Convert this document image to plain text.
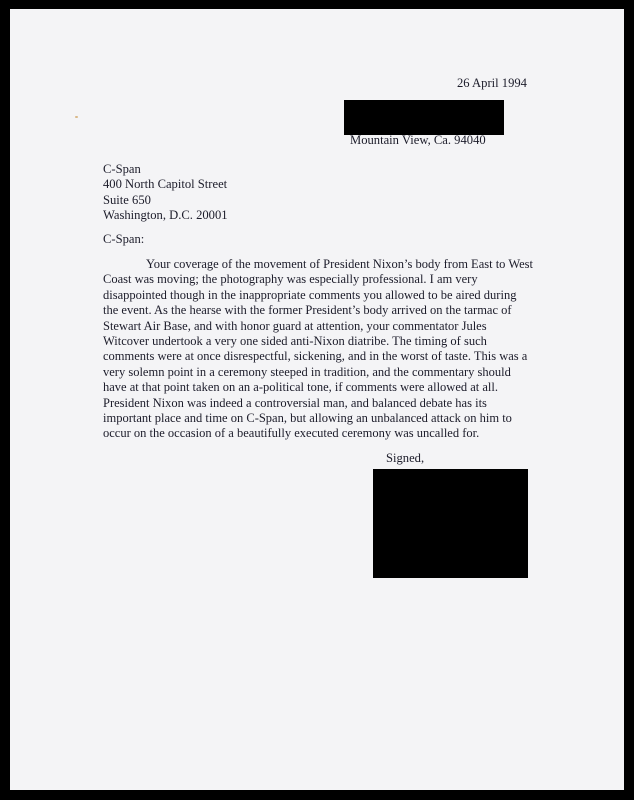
26 April 1994
Mountain View, Ca. 94040
C-Span
400 North Capitol Street
Suite 650
Washington, D.C. 20001
C-Span:

Your coverage of the movement of President Nixon’s body from East to West Coast was moving; the photography was especially professional. I am very disappointed though in the inappropriate comments you allowed to be aired during the event. As the hearse with the former President’s body arrived on the tarmac of Stewart Air Base, and with honor guard at attention, your commentator Jules Witcover undertook a very one sided anti-Nixon diatribe. The timing of such comments were at once disrespectful, sickening, and in the worst of taste. This was a very solemn point in a ceremony steeped in tradition, and the commentary should have at that point taken on an a-political tone, if comments were allowed at all. President Nixon was indeed a controversial man, and balanced debate has its important place and time on C-Span, but allowing an unbalanced attack on him to occur on the occasion of a beautifully executed ceremony was uncalled for.

Signed,
